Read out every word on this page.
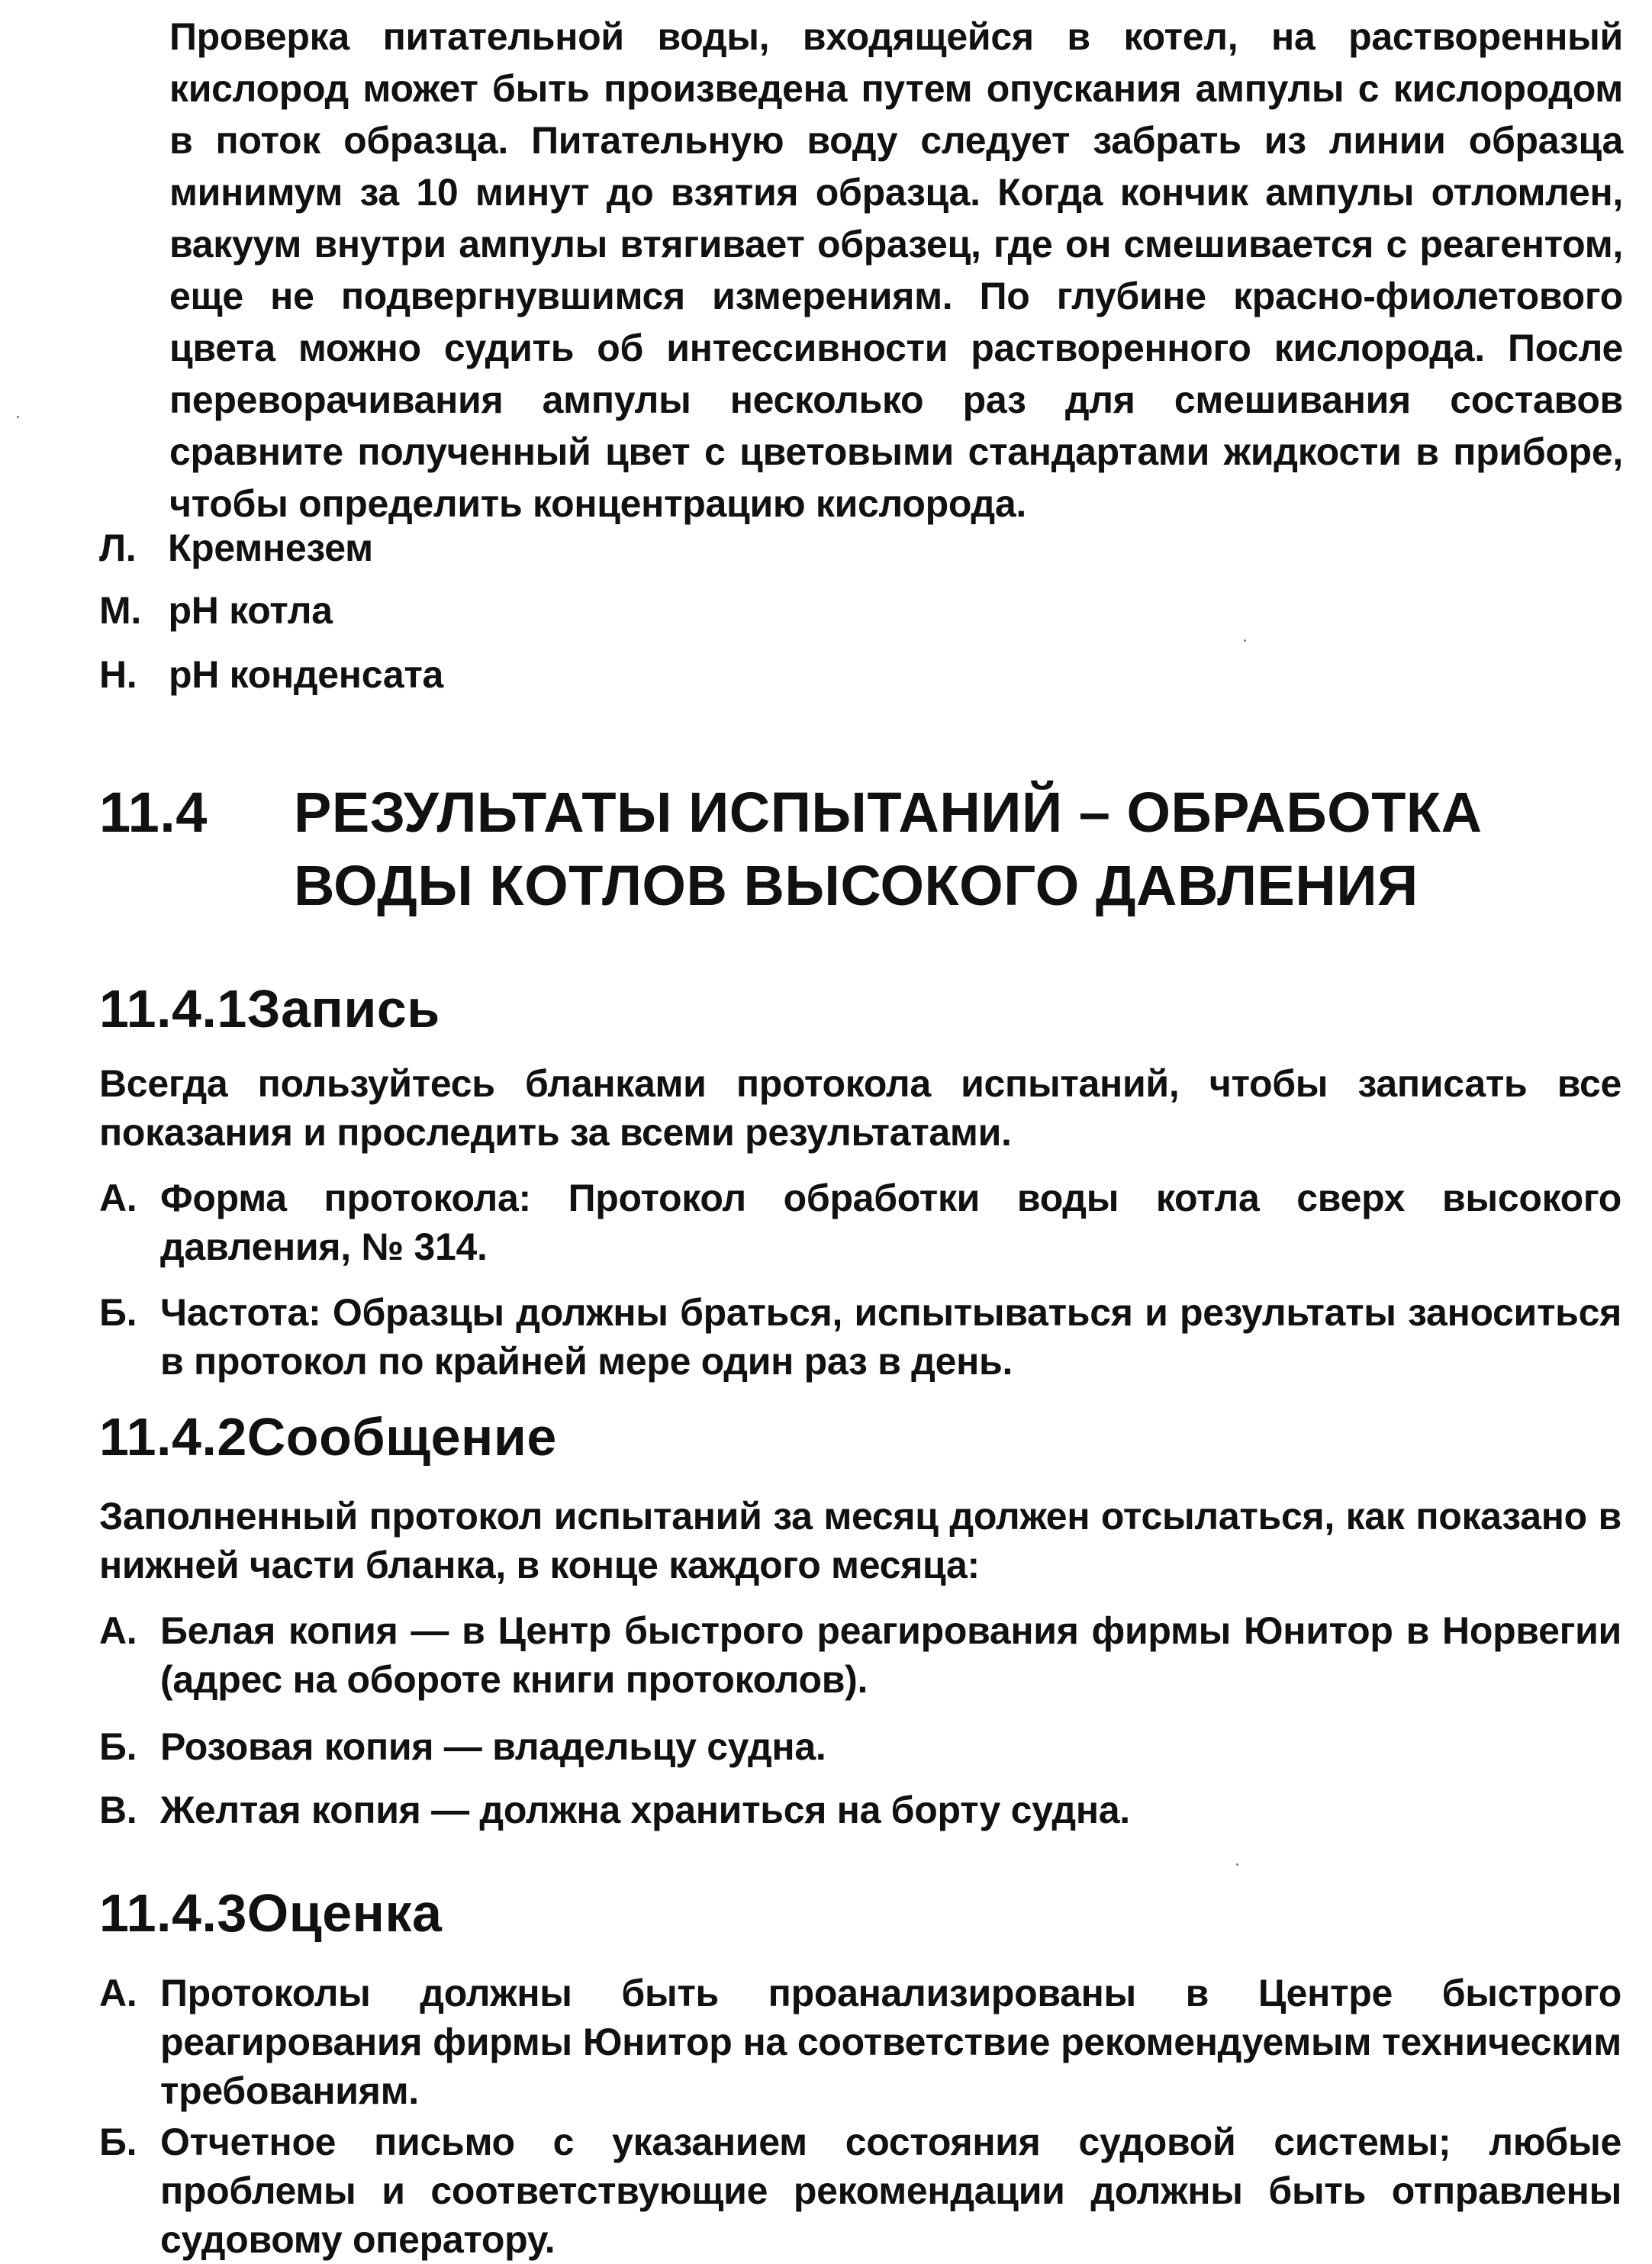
Проверка питательной воды, входящейся в котел, на растворенный кислород может быть произведена путем опускания ампулы с кислородом в поток образца. Питательную воду следует забрать из линии образца минимум за 10 минут до взятия образца. Когда кончик ампулы отломлен, вакуум внутри ампулы втягивает образец, где он смешивается с реагентом, еще не подвергнувшимся измерениям. По глубине красно-фиолетового цвета можно судить об интесcивности растворенного кислорода. После переворачивания ампулы несколько раз для смешивания составов сравните полученный цвет с цветовыми стандартами жидкости в приборе, чтобы определить концентрацию кислорода.

Л. Кремнезем
М. pH котла
Н. pH конденсата
11.4 РЕЗУЛЬТАТЫ ИСПЫТАНИЙ – ОБРАБОТКА ВОДЫ КОТЛОВ ВЫСОКОГО ДАВЛЕНИЯ
11.4.1Запись

Всегда пользуйтесь бланками протокола испытаний, чтобы записать все показания и проследить за всеми результатами.

А. Форма протокола: Протокол обработки воды котла сверх высокого давления, № 314.
Б. Частота: Образцы должны браться, испытываться и результаты заноситься в протокол по крайней мере один раз в день.
11.4.2Сообщение

Заполненный протокол испытаний за месяц должен отсылаться, как показано в нижней части бланка, в конце каждого месяца:

А. Белая копия — в Центр быстрого реагирования фирмы Юнитор в Норвегии (адрес на обороте книги протоколов).
Б. Розовая копия — владельцу судна.
В. Желтая копия — должна храниться на борту судна.
11.4.3Оценка
А. Протоколы должны быть проанализированы в Центре быстрого реагирования фирмы Юнитор на соответствие рекомендуемым техническим требованиям.
Б. Отчетное письмо с указанием состояния судовой системы; любые проблемы и соответствующие рекомендации должны быть отправлены судовому оператору.
